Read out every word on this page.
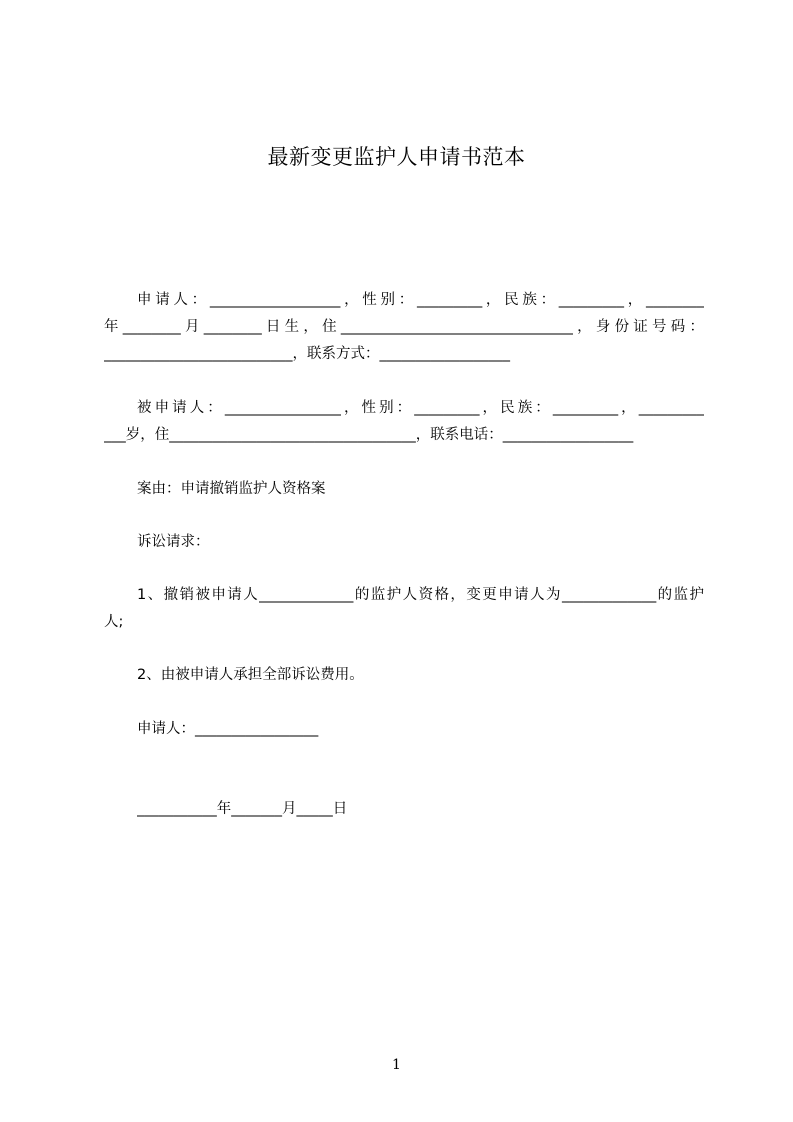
最新变更监护人申请书范本
申请人：__________________，性别：_________，民族：_________，________
年________月________日生，住________________________________，身份证号码：
__________________________，联系方式：__________________
被申请人：________________，性别：_________，民族：_________，_________
___岁，住__________________________________，联系电话：__________________
案由：申请撤销监护人资格案
诉讼请求：
1、撤销被申请人_____________的监护人资格，变更申请人为_____________的监护
人;
2、由被申请人承担全部诉讼费用。
申请人：_________________
___________年_______月_____日
1
